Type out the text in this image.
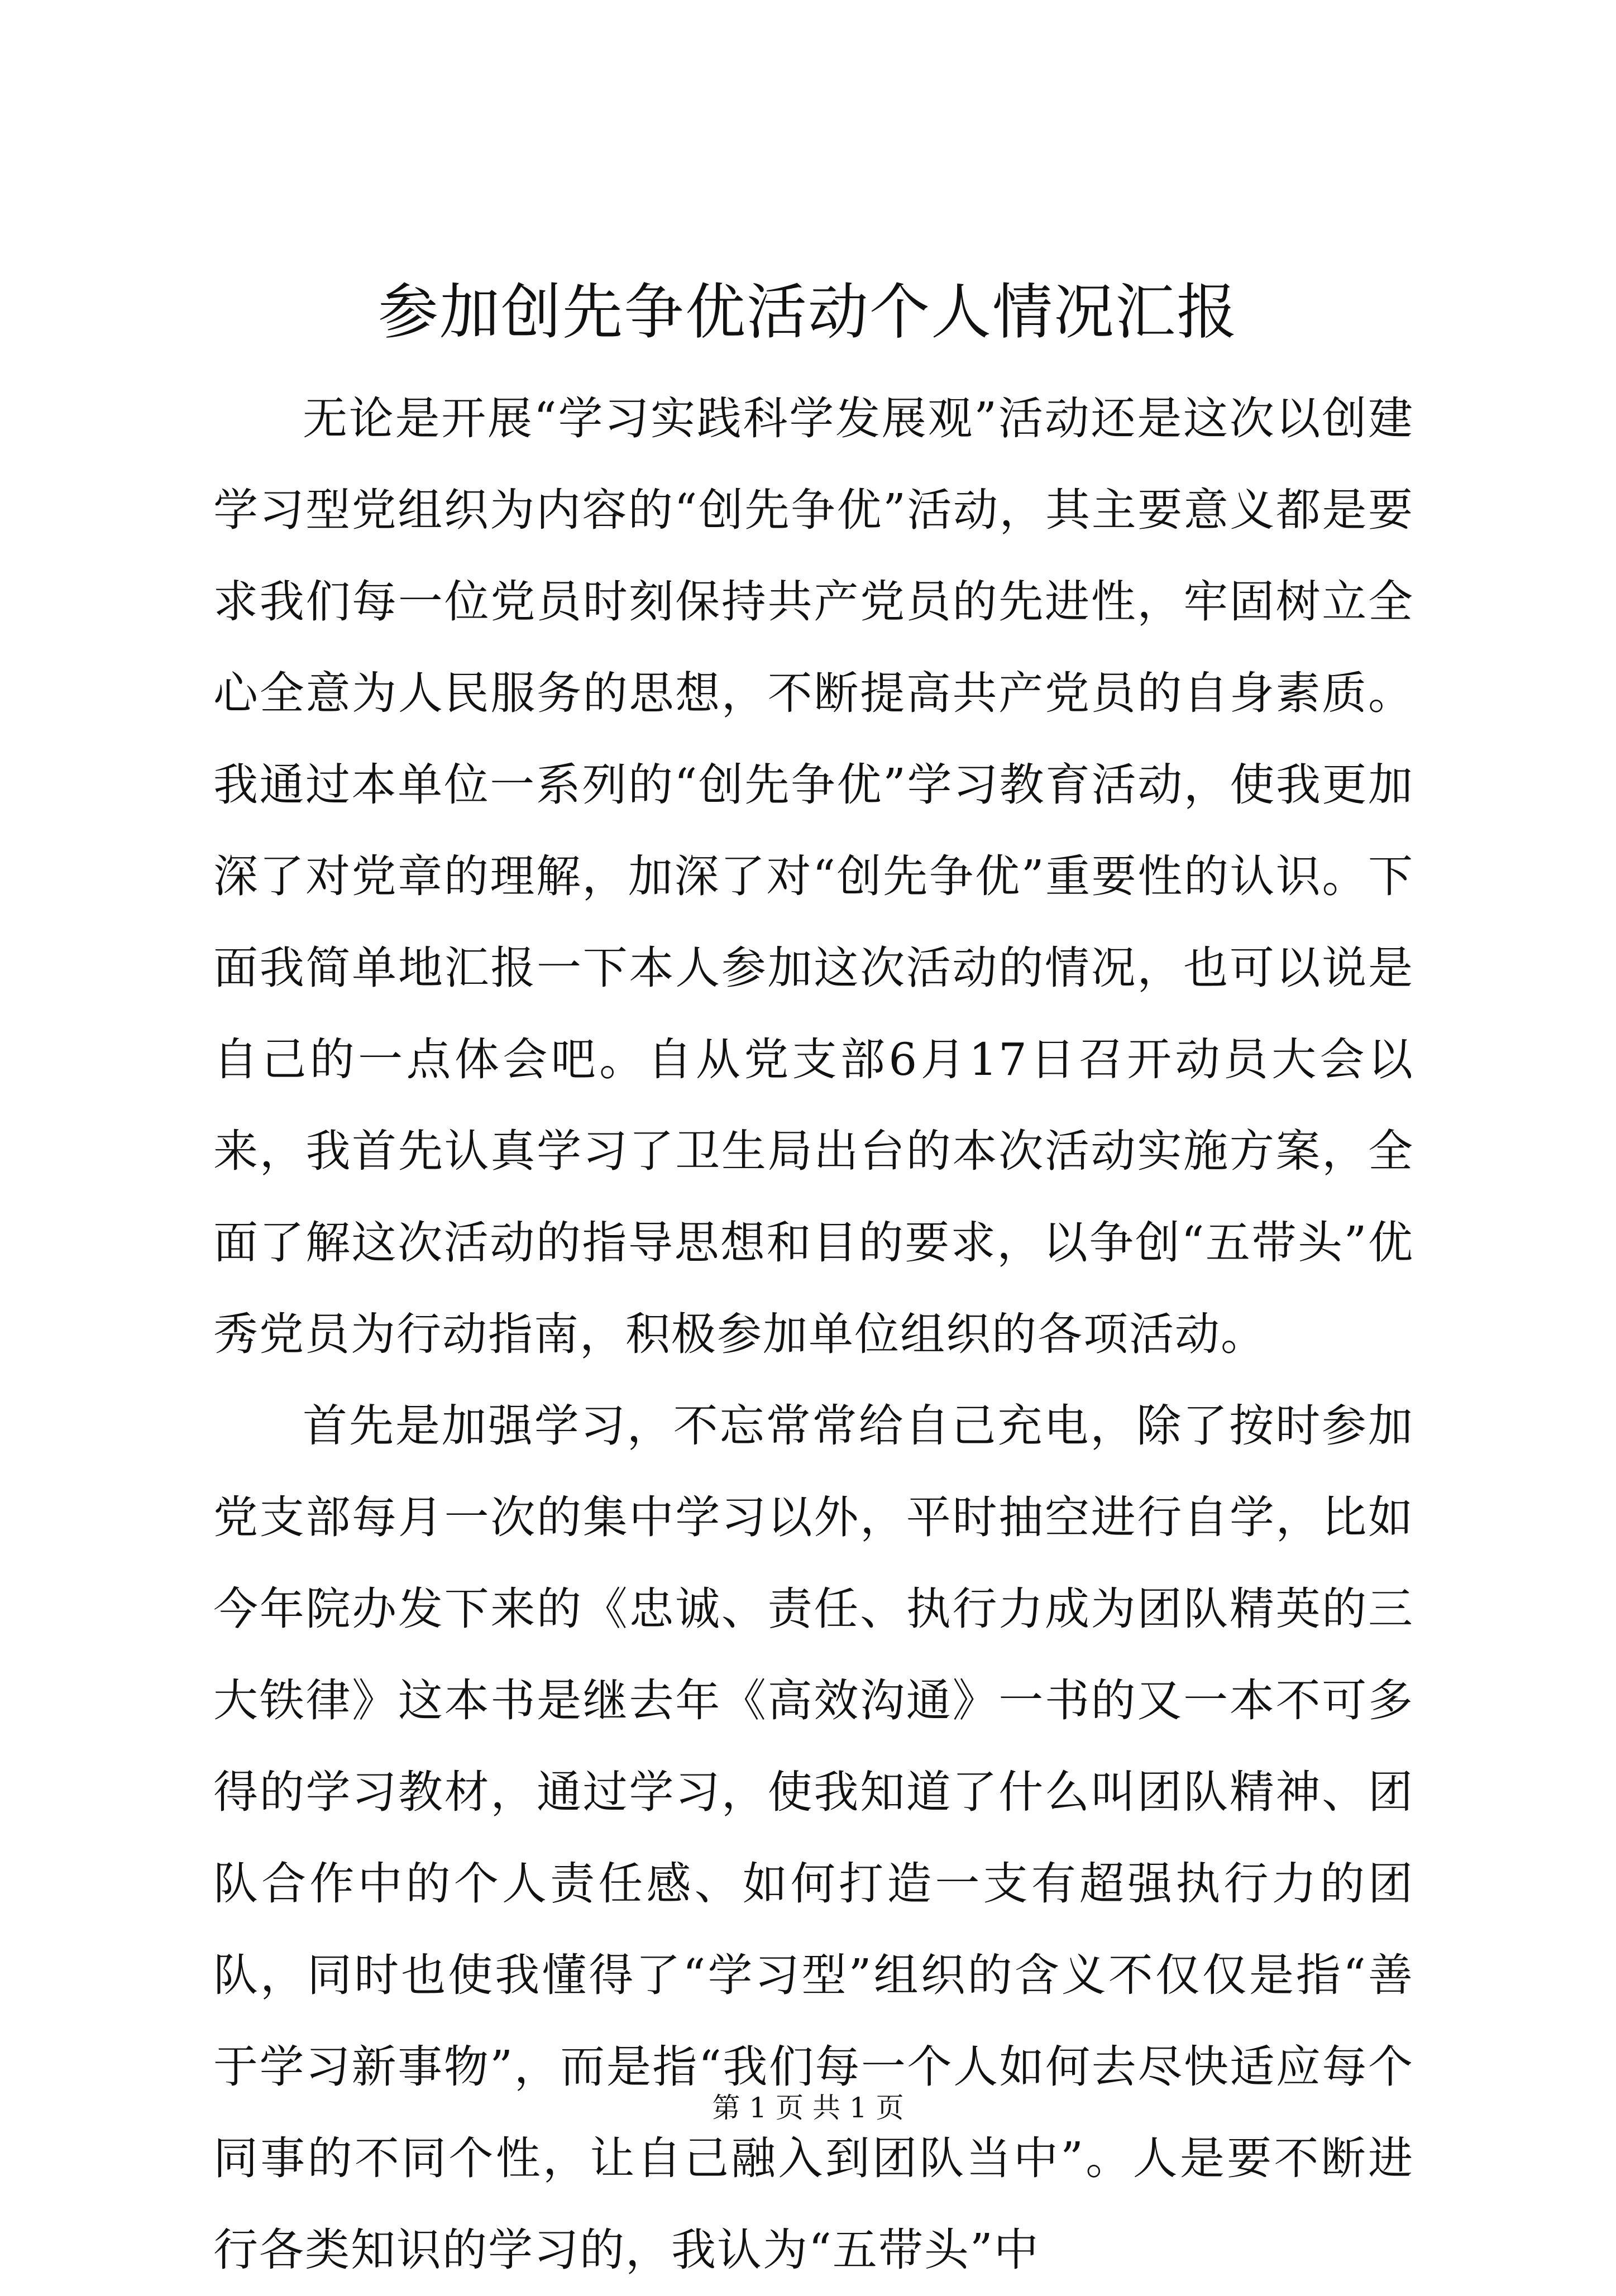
参加创先争优活动个人情况汇报

无论是开展“学习实践科学发展观”活动还是这次以创建学习型党组织为内容的“创先争优”活动，其主要意义都是要求我们每一位党员时刻保持共产党员的先进性，牢固树立全心全意为人民服务的思想，不断提高共产党员的自身素质。我通过本单位一系列的“创先争优”学习教育活动，使我更加深了对党章的理解，加深了对“创先争优”重要性的认识。下面我简单地汇报一下本人参加这次活动的情况，也可以说是自己的一点体会吧。自从党支部6月17日召开动员大会以来，我首先认真学习了卫生局出台的本次活动实施方案，全面了解这次活动的指导思想和目的要求，以争创“五带头”优秀党员为行动指南，积极参加单位组织的各项活动。

首先是加强学习，不忘常常给自己充电，除了按时参加党支部每月一次的集中学习以外，平时抽空进行自学，比如今年院办发下来的《忠诚、责任、执行力成为团队精英的三大铁律》这本书是继去年《高效沟通》一书的又一本不可多得的学习教材，通过学习，使我知道了什么叫团队精神、团队合作中的个人责任感、如何打造一支有超强执行力的团队，同时也使我懂得了“学习型”组织的含义不仅仅是指“善于学习新事物”，而是指“我们每一个人如何去尽快适应每个同事的不同个性，让自己融入到团队当中”。人是要不断进行各类知识的学习的，我认为“五带头”中

第 1 页 共 1 页
